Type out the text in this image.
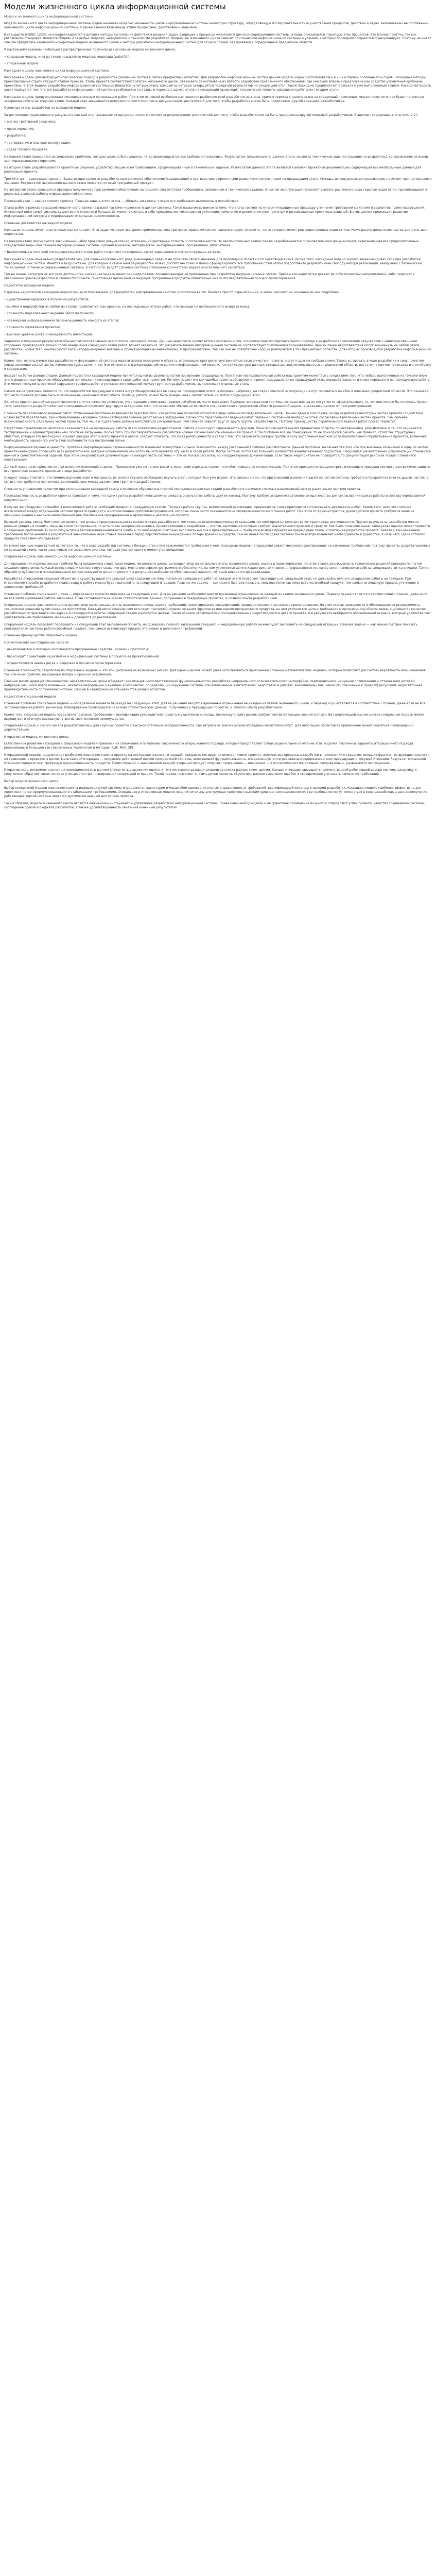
Модели жизненного цикла информационной системы
Модели жизненного цикла информационной системы

Модели жизненного цикла информационной системы Будем называть моделью жизненного цикла информационной системы некоторую структуру, определяющую последовательность осуществления процессов, действий и задач, выполняемых на протяжении жизненного цикла информационной системы, а также взаимосвязи между этими процессами, действиями и задачами.

В стандарте ISO/IEC 12207 не конкретизируются в деталях методы выполнения действий и решения задач, входящих в процессы жизненного цикла информационной системы, а лишь описываются структуры этих процессов. Это вполне понятно, так как регламенты стандарта являются общими для любых моделей, методологий и технологий разработки. Модель же жизненного цикла зависит от специфики информационной системы и условий, в которых последняя создается и функционирует. Поэтому не имеет смысла предлагать какие-либо конкретные модели жизненного цикла и методы разработки информационных систем для общего случая, без привязки к определенной предметной области.

К настоящему времени наибольшее распространение получили две основные модели жизненного цикла:

• каскадная модель, иногда также называемая моделью водопада (waterfall);

• спиральная модель.

Каскадная модель жизненного цикла информационной системы

Каскадная модель демонстрирует классический подход к разработке различных систем в любых предметных областях. Для разработки информационных систем данная модель широко использовалась в 70-х и первой половине 80-х годов. Каскадные методы проектирования строго следуют этапам проекта. Этапы проекта соответствуют этапам жизненного цикла. Эта модель заимствована из области разработки программного обеспечения, где она была впервые предложена как средство управления крупными проектами. В этой модели разработка информационной системы разбивается на четыре этапа, каждый из которых завершается передачей результатов на следующий этап. Такой подход не предполагает возврата к уже выполненным этапам. Каскадная модель характеризуется тем, что вся разработка информационной системы разбивается на этапы, и переход с одного этапа на следующий происходит только после полного завершения работы на текущем этапе.

Каскадная модель предусматривает последовательную организацию работ. При этом основной особенностью является разбиение всей разработки на этапы, причем переход с одного этапа на следующий происходит только после того, как будет полностью завершена работа на текущем этапе. Каждый этап завершается выпуском полного комплекта документации, достаточной для того, чтобы разработка могла быть продолжена другой командой разработчиков.

Основные этапы разработки по каскадной модели

За достижение существенного результата каждый этап завершается выпуском полного комплекта документации, достаточной для того, чтобы разработка могла быть продолжена другой командой разработчиков. Выделяют следующие этапы (рис. 2.2):

• анализ требований заказчика;

• проектирование;

• разработка;

• тестирование и опытная эксплуатация;

• сдача готового продукта.

На первом этапе проводится исследование проблемы, которая должна быть решена, четко формулируются все требования заказчика. Результатом, полученным на данном этапе, является техническое задание (задание на разработку), согласованное со всеми заинтересованными сторонами.

На втором этапе разрабатываются проектные решения, удовлетворяющие всем требованиям, сформулированным в техническом задании. Результатом данного этапа является комплект проектной документации, содержащей все необходимые данные для реализации проекта.

Третий этап — реализация проекта. Здесь осуществляется разработка программного обеспечения (кодирование) в соответствии с проектными решениями, полученными на предыдущем этапе. Методы, используемые для реализации, не имеют принципиального значения. Результатом выполнения данного этапа является готовый программный продукт.

На четвертом этапе проводится проверка полученного программного обеспечения на предмет соответствия требованиям, заявленным в техническом задании. Опытная эксплуатация позволяет выявить различного рода скрытые недостатки, проявляющиеся в реальных условиях работы информационной системы.

Последний этап — сдача готового проекта. Главная задача этого этапа — убедить заказчика, что все его требования выполнены в полной мере.

Этапы работ в рамках каскадной модели часто также называют частями «проектного цикла» системы. Такое название возникло потому, что этапы состоят из многих итерационных процедур уточнения требований к системе и вариантов проектных решений. Жизненный цикл самой системы существенно сложнее и больше. Он может включать в себя произвольное число циклов уточнения, изменения и дополнения уже принятых и реализованных проектных решений. В этих циклах происходит развитие информационной системы и модернизация отдельных ее компонентов.

Основные достоинства каскадной модели

Каскадная модель имеет ряд положительных сторон. Благодаря которым все время применялась она при проектировании систем, однако следует отметить, что эта модель имеет ряд существенных недостатков. Ниже рассмотрены основные ее достоинства и недостатки.

На каждом этапе формируется законченный набор проектной документации, отвечающий критериям полноты и согласованности. На заключительных этапах также разрабатывается пользовательская документация, охватывающая все предусмотренные стандартами виды обеспечения информационной системы (организационное, методическое, информационное, программное, аппаратное).

• Выполняемые в логичной последовательности этапы работ позволяют планировать сроки завершения и соответствующие затраты.

Каскадная модель изначально разрабатывалась для решения различного рода инженерных задач и не потеряла своего значения для прикладной области и по настоящее время. Кроме того, каскадный подход хорошо зарекомендовал себя при разработке информационных систем. Имеется в виду системы, для которых в самом начале разработки можно достаточно точно и полно сформулировать все требования с тем чтобы предоставить разработчикам свободу выбора реализации, наилучшей с технической точки зрения. В такие информационные системы, в частности, входят сложные системы с большим количеством задач вычислительного характера.

Тем не менее, несмотря на все свои достоинства, каскадная модель имеет ряд недостатков, ограничивающих ее применение при разработке информационных систем. Причем эти недостатки делают ее либо полностью неприемлемой, либо приводят к увеличению сроков разработки и стоимости проекта. В настоящее время многие ведущие программные продукты обязательно имели последовательный процесс проектирования.

Недостатки каскадной модели

Перечень недостатков каскадной модели при ее использовании для разработки информационных систем достаточно велик. Вначале просто перечислим их, а затем рассмотрим основные из них подробнее:

• существенная задержка в получении результатов;

• ошибки и недоработки на любом из этапов проявляются, как правило, на последующих этапах работ, что приводит к необходимости возврата назад;

• сложность параллельного ведения работ по проекту;

• чрезмерная информационная перенасыщенность каждого из этапов;

• сложность управления проектом;

• высокий уровень риска и ненадежность инвестиций.

Задержка в получении результатов обычно считается главным недостатком каскадной схемы. Данный недостаток проявляется в основном в том, что вследствие последовательного подхода к разработке согласование результатов с заинтересованными сторонами производится только после завершения очередного этапа работ. Может оказаться, что разрабатываемая информационная система не соответствует требованиям пользователей, причем такие несоответствия могут возникнуть на любом этапе разработки; кроме того, ошибки могут быть непреднамеренно внесены и проектировщиками-аналитиками, и программистами, так как они не обязательно хорошо разбираются в тех предметных областях, для которых производится разработка информационной системы.

Кроме того, используемые при разработке информационной системы модели автоматизируемого объекта, отвечающие критериям внутренней согласованности и полноты, могут к другим соображениям. Также устаревать в ходе разработки в силу принятия новых законодательных актов, изменения курса валют и т.п. Это относится к функциональной модели и к информационной модели, так как структуры данных, которые должны использоваться в предметной области, достаточно прочно привязаны и к ее объему и содержанию.

Возврат на более ранние стадии. Данный недостаток каскадной модели является одной из разновидностей проявления предыдущего. Поэтапная последовательная работа над проектом может быть следствием того, что любые, выполненные на том или ином этапе решения, как правило, обнаруживаются только на последующих этапах работ над проектом. Потому, после того как ошибка проекта обнаружена, проект возвращается на предыдущий этап, перерабатывается и снова передается на последующую работу. Это может послужить причиной нарушения графика работ и усложнения отношений между группами разработчиков, выполняющих отдельные этапы.

Самым же неприятным является то, что недоработки предыдущего этапа могут обнаруживаться не сразу на последующем этапе, а позднее (например, на стадии опытной эксплуатации могут проявиться ошибки в описании предметной области). Это означает, что часть проекта должна быть возвращена на начальный этап работы. Вообще, работа может быть возвращена с любого этапа на любой предыдущий этап.

Одной из причин данной ситуации является то, что в качестве экспертов, участвующих в описании предметной области, часто выступают будущие пользователи системы, которые иногда не могут четко сформулировать то, что они хотели бы получить. Кроме того, заказчики и разработчики часто неправильно понимают друг друга вследствие того, что заказчики обычно не являются специалистами в предметной области решаемой задачи, а заказчики далеки от программирования.

Сложность параллельного ведения работ. Отмеченные проблемы возникают вследствие того, что работа над проектом строится в виде цепочки последовательных шагов. Причем даже в том случае, когда разработку некоторых частей проекта (подсистем) можно вести параллельно, при использовании каскадной схемы распараллеливание работ весьма затруднено. Сложности параллельного ведения работ связаны с постоянной необходимостью согласования различных частей проекта. Чем сильнее взаимозависимость отдельных частей проекта, тем чаще и тщательнее должна выполняться синхронизация, тем сильнее зависят друг от друга группы разработчиков. Поэтому преимущества параллельного ведения работ просто теряются.

Отсутствие параллелизма негативно сказывается и на организации работы всего коллектива разработчиков. Работа одних групп сдерживается другими. Пока производится анализ предметной области, проектировщики, разработчики и те, кто занимается тестированием и администрированием, почти не загружены. Кроме того, при последовательной разработке крайне сложно вносить изменения в проект. Если проблема все же обнаружена, то ее приходится решать, как правило, стоит тех структурных областей, которым это необходимо. Однако каждый этап и всего проекта в целом, следует отметить, что из-за разобщенности в связи с тем, что результаты каждой группы в силу выполнения высокой доли параллельного обрабатывания проектов, возникает необходимость серьезного учета этой особенности при построении плана.

Информационная перенасыщенность. Проблема информационной перенасыщенности возникает вследствие сильной зависимости между различными группами разработчиков. Данная проблема заключается в том, что при внесении изменений в одну из частей проекта необходимо оповещать всех разработчиков, которые использовали или могли бы использовать эту часть в своей работе. Когда система состоит из большого количества взаимосвязанных подсистем, синхронизация внутренней документации становится важной и самостоятельной задачей. При этом синхронизация документации на каждую часть системы — это не только рассылка, но и корректировка документации. Если такие мероприятия не проводятся, то документация рано или поздно становится неактуальной.

Данный недостаток проявляется при внесении изменений в проект. Приходится уже не только вносить изменения в документацию, но и обеспечивать ее синхронизацию. При этом приходится предусмотреть и механизм проверки соответствия документации на все проектные решения, принятые в ходе разработки.

Следует также отметить, что помимо изучения нового материала, во многих случаях необходимо изучать и тот, который был уже изучен. Это связано с тем, что при внесении изменений одной из частей системы требуется переработка многих других частей, в связи с чем требуется постоянное взаимодействие между различными группами разработчиков.

Сложность управления проектом при использовании каскадной схемы в основном обусловлена строгой последовательностью стадий разработки и наличием сложных взаимосвязей между различными частями проекта.

Последовательность разработки проекта приводит к тому, что одни группы разработчиков должны ожидать результатов работы других команд. Поэтому требуется административное вмешательство для согласования сроков работы и состава передаваемой документации.

В случае же обнаружения ошибок в выполненной работе необходим возврат к предыдущим этапам. Текущая работа группы, выполняющей реализацию, прерывается, снова приходится согласовывать результаты работ. Кроме того, наличие сложных взаимосвязей между отдельными частями проекта приводит к многочисленным проблемам управления, которые очень часто сказываются на своевременности выполнения работ. При этом от администратора, руководителя проекта требуется наличие обширных знаний и высокой квалификации для обеспечения своевременной и эффективной реализации проекта.

Высокий уровень риска. Чем сложнее проект, тем дольше продолжительность каждого этапа разработки и тем сложнее взаимосвязи между отдельными частями проекта, количество которых также увеличивается. Причем результаты разработки можно реально увидеть и оценить лишь на этапе тестирования, то есть после завершения анализа, проектирования и разработки — этапов, выполнение которых требует значительного времени и средств. Как было отмечено выше, запоздалая оценка может привести к серьезным проблемам. Если по результатам тестирования выявляются ошибки, то необходимо повторно выполнить анализ и проектирование — требуется возврат проекта на предыдущие этапы и повторная разработка проекта. Вместе с тем изменение требований после анализа и разработки в значительной мере ставит заказчика перед перспективой вынужденных потерь времени и средств. Тем не менее после сдачи системы почти всегда возникает необходимость в доработке, в силу чего сдачу готового продукта постоянно откладывают.

Не менее важным недостатком является и то, что в ходе разработки системы в большинстве случаев изменяются требования к ней. Каскадная модель не предусматривает механизма реагирования на изменение требований, поэтому проекты, разрабатываемые по каскадной схеме, часто заканчиваются созданием системы, которая уже устарела к моменту ее внедрения.

Спиральная модель жизненного цикла информационной системы

Для преодоления перечисленных проблем была предложена спиральная модель жизненного цикла, делающая упор на начальные этапы жизненного цикла: анализ и проектирование. На этих этапах реализуемость технических решений проверяется путем создания прототипов. Каждый виток спирали соответствует созданию фрагмента или версии программного обеспечения, на нем уточняются цели и характеристики проекта, определяется его качество и планируются работы следующего витка спирали. Таким образом углубляются и последовательно конкретизируются детали проекта и в результате выбирается обоснованный вариант, который доводится до реализации.

Разработка итерациями отражает объективно существующий спиральный цикл создания системы. Неполное завершение работ на каждом этапе позволяет переходить на следующий этап, не дожидаясь полного завершения работы на текущем. При итеративном способе разработки недостающую работу можно будет выполнить на следующей итерации. Главная же задача — как можно быстрее показать пользователям системы работоспособный продукт, тем самым активизируя процесс уточнения и дополнения требований.

Основная проблема спирального цикла — определение момента перехода на следующий этап. Для ее решения необходимо ввести временные ограничения на каждый из этапов жизненного цикла. Переход осуществляется в соответствии с планом, даже если не вся запланированная работа закончена. План составляется на основе статистических данных, полученных в предыдущих проектах, и личного опыта разработчиков.

Спиральная модель жизненного цикла делает упор на начальные этапы жизненного цикла: анализ требований, проектирование спецификаций, предварительное и детальное проектирование. На этих этапах проверяется и обосновывается реализуемость технических решений путем создания прототипов. Каждый виток спирали соответствует поэтапной модели создания фрагмента или версии программного продукта, на нем уточняются цели и требования к программному обеспечению, оценивается качество разработанного фрагмента или версии и планируются работы следующей стадии разработки (витка). Таким образом углубляются и последовательно конкретизируются детали проекта, и в результате выбирается обоснованный вариант, который удовлетворяет действительным требованиям заказчика и доводится до реализации.

Спиральная модель позволяет переходить на следующий этап выполнения проекта, не дожидаясь полного завершения текущего — недоделанную работу можно будет выполнить на следующей итерации. Главная задача — как можно быстрее показать пользователям системы работоспособный продукт, тем самым активизируя процесс уточнения и дополнения требований.

Основные преимущества спиральной модели

При использовании спиральной модели:

• накапливаются и повторно используются программные средства, модели и прототипы;

• происходит ориентация на развитие и модификацию системы в процессе ее проектирования;

• осуществляется анализ риска и издержек в процессе проектирования.

Основная особенность разработки по спиральной модели — это концентрация на возможных рисках. Для оценки рисков может даже использоваться приложение сложных математических моделей, которые позволяют рассчитать вероятность возникновения тех или иных проблем, ожидаемые потери и сроки их устранения.

Главные риски: дефицит специалистов; нереалистичные сроки и бюджет; реализация несоответствующей функциональности; разработка неправильного пользовательского интерфейса; перфекционизм, ненужная оптимизация и оттачивание деталей; непрекращающийся поток изменений; нехватка информации о внешних компонентах, определяющих окружение системы или вовлеченных в интеграцию; недостатки в работах, выполняемых внешними (по отношению к проекту) ресурсами; недостаточная производительность получаемой системы; разрыв в квалификации специалистов разных областей.

Недостатки спиральной модели

Основная проблема спиральной модели — определение момента перехода на следующий этап. Для ее решения вводятся временные ограничения на каждый из этапов жизненного цикла, и переход осуществляется в соответствии с планом, даже если не вся запланированная работа закончена. Планирование производится на основе статистических данных, полученных в предыдущих проектах, и личного опыта разработчиков.

Кроме того, спиральная модель предъявляет высокие требования к квалификации руководителя проекта и участников команды, поскольку анализ рисков требует соответствующих знаний и опыта. Без надлежащей оценки рисков спиральная модель может выродиться в обычную каскадную, утратив свои основные преимущества.

Спиральная модель с самого начала разрабатывалась для крупных проектов с высокой степенью неопределенности, где затраты на анализ рисков оправданы масштабом работ. Для небольших проектов ее применение может оказаться неоправданно дорогостоящим.

Итеративная модель жизненного цикла

Естественное развитие каскадной и спиральной моделей привело к их сближению и появлению современного итерационного подхода, который представляет собой рациональное сочетание этих моделей. Различные варианты итерационного подхода реализованы в большинстве современных технологий и методов (RUP, MSF, XP).

Итерационный подход предполагает разбиение жизненного цикла проекта на последовательность итераций, каждая из которых напоминает «мини-проект», включая все процессы разработки в применении к созданию меньших фрагментов функциональности по сравнению с проектом в целом. Цель каждой итерации — получение работающей версии программной системы, включающей функциональность, определенную интегрированным содержанием всех предыдущих и текущей итерации. Результат финальной итерации содержит всю требуемую функциональность продукта. Таким образом, с завершением каждой итерации продукт получает приращение — инкремент — к его возможностям, которые, следовательно, развиваются эволюционно.

Итеративность, инкрементальность и эволюционность в данном случае есть выражение одного и того же смысла разными словами со слегка разных точек зрения. Каждая итерация завершается демонстрацией работающей версии системы заказчику и получением обратной связи, которая учитывается при планировании следующей итерации. Такой подход позволяет снизить риски проекта, обеспечить раннее выявление ошибок и своевременно учитывать изменения требований.

Выбор модели жизненного цикла

Выбор конкретной модели жизненного цикла информационной системы определяется характером и масштабом проекта, степенью определенности требований, квалификацией команды и сроками разработки. Каскадная модель наиболее эффективна для проектов с четко сформулированными и стабильными требованиями. Спиральная и итеративная модели предпочтительны для крупных проектов с высоким уровнем неопределенности, где требования могут изменяться в ходе разработки, а раннее получение работающих версий системы является критически важным для успеха проекта.

Таким образом, модель жизненного цикла является важнейшим инструментом управления разработкой информационной системы. Правильный выбор модели и ее грамотное применение во многом определяют успех проекта, качество создаваемой системы, соблюдение сроков и бюджета разработки, а также удовлетворенность заказчика конечным результатом.
